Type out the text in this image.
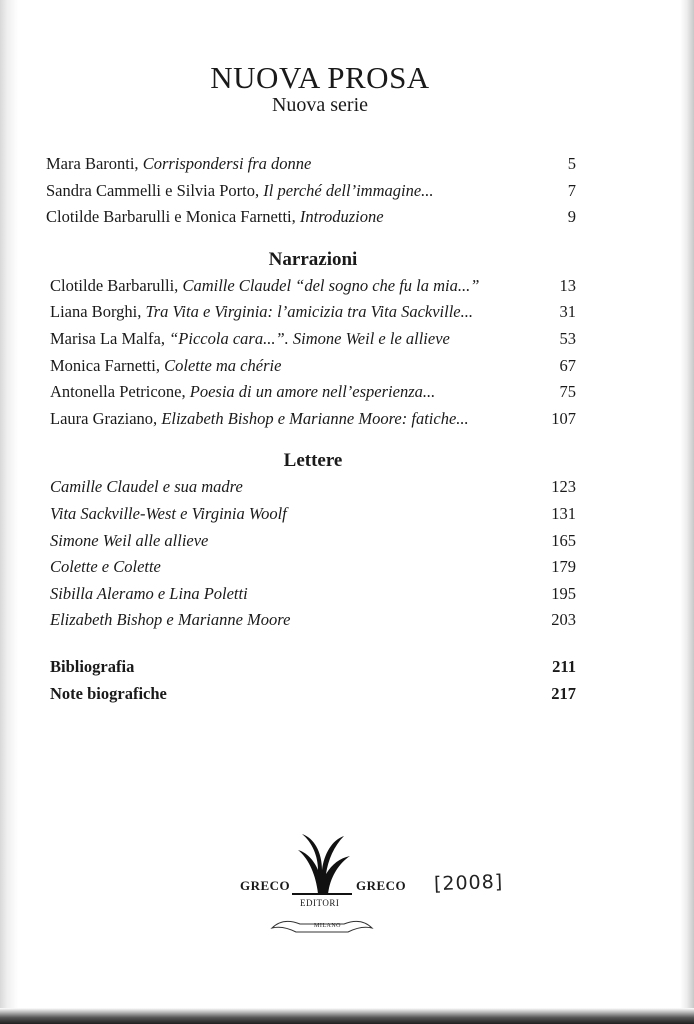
NUOVA PROSA
Nuova serie
Mara Baronti, Corrispondersi fra donne	5
Sandra Cammelli e Silvia Porto, Il perché dell’immagine...	7
Clotilde Barbarulli e Monica Farnetti, Introduzione	9
Narrazioni
Clotilde Barbarulli, Camille Claudel “del sogno che fu la mia...”	13
Liana Borghi, Tra Vita e Virginia: l’amicizia tra Vita Sackville...	31
Marisa La Malfa, “Piccola cara...”. Simone Weil e le allieve	53
Monica Farnetti, Colette ma chérie	67
Antonella Petricone, Poesia di un amore nell’esperienza...	75
Laura Graziano, Elizabeth Bishop e Marianne Moore: fatiche...	107
Lettere
Camille Claudel e sua madre	123
Vita Sackville-West e Virginia Woolf	131
Simone Weil alle allieve	165
Colette e Colette	179
Sibilla Aleramo e Lina Poletti	195
Elizabeth Bishop e Marianne Moore	203
Bibliografia	211
Note biografiche	217
GRECO	GRECO
EDITORI
MILANO
[2008]
